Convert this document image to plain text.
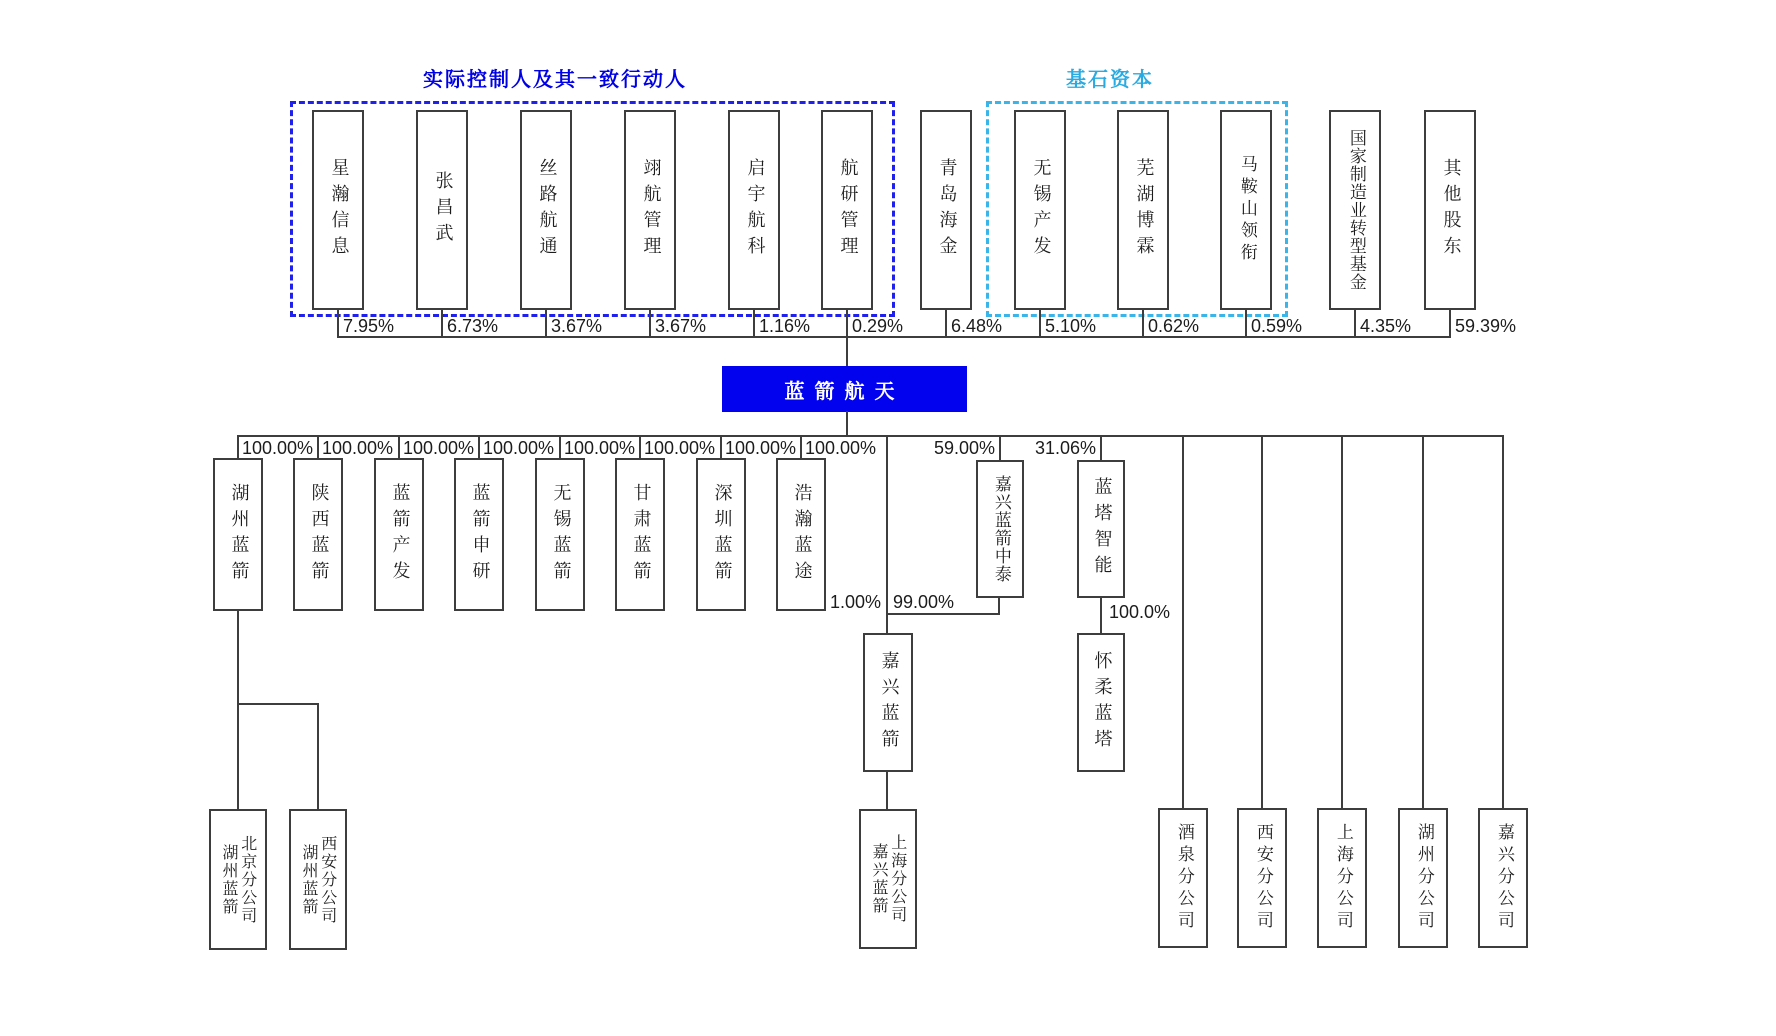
实际控制人及其一致行动人	基石资本
星瀚信息	张昌武	丝路航通	翊航管理	启宇航科	航研管理	青岛海金	无锡产发	芜湖博霖	马鞍山领衔	国家制造业转型基金	其他股东
7.95%	6.73%	3.67%	3.67%	1.16% 0.29%	6.48% 5.10%	0.62%	0.59%	4.35% 59.39%
蓝箭航天
100.00% 100.00% 100.00% 100.00% 100.00% 100.00% 100.00% 100.00%
湖州蓝箭	陕西蓝箭	蓝箭产发	蓝箭申研	无锡蓝箭	甘肃蓝箭	深圳蓝箭	浩瀚蓝途
59.00%
嘉兴蓝箭中泰
31.06%
蓝塔智能
1.00% 99.00%
嘉兴蓝箭
上海分公司
嘉兴蓝箭
100.0%
怀柔蓝塔
北京分公司
湖州蓝箭	西安分公司
湖州蓝箭	酒泉分公司	西安分公司	上海分公司	湖州分公司	嘉兴分公司
